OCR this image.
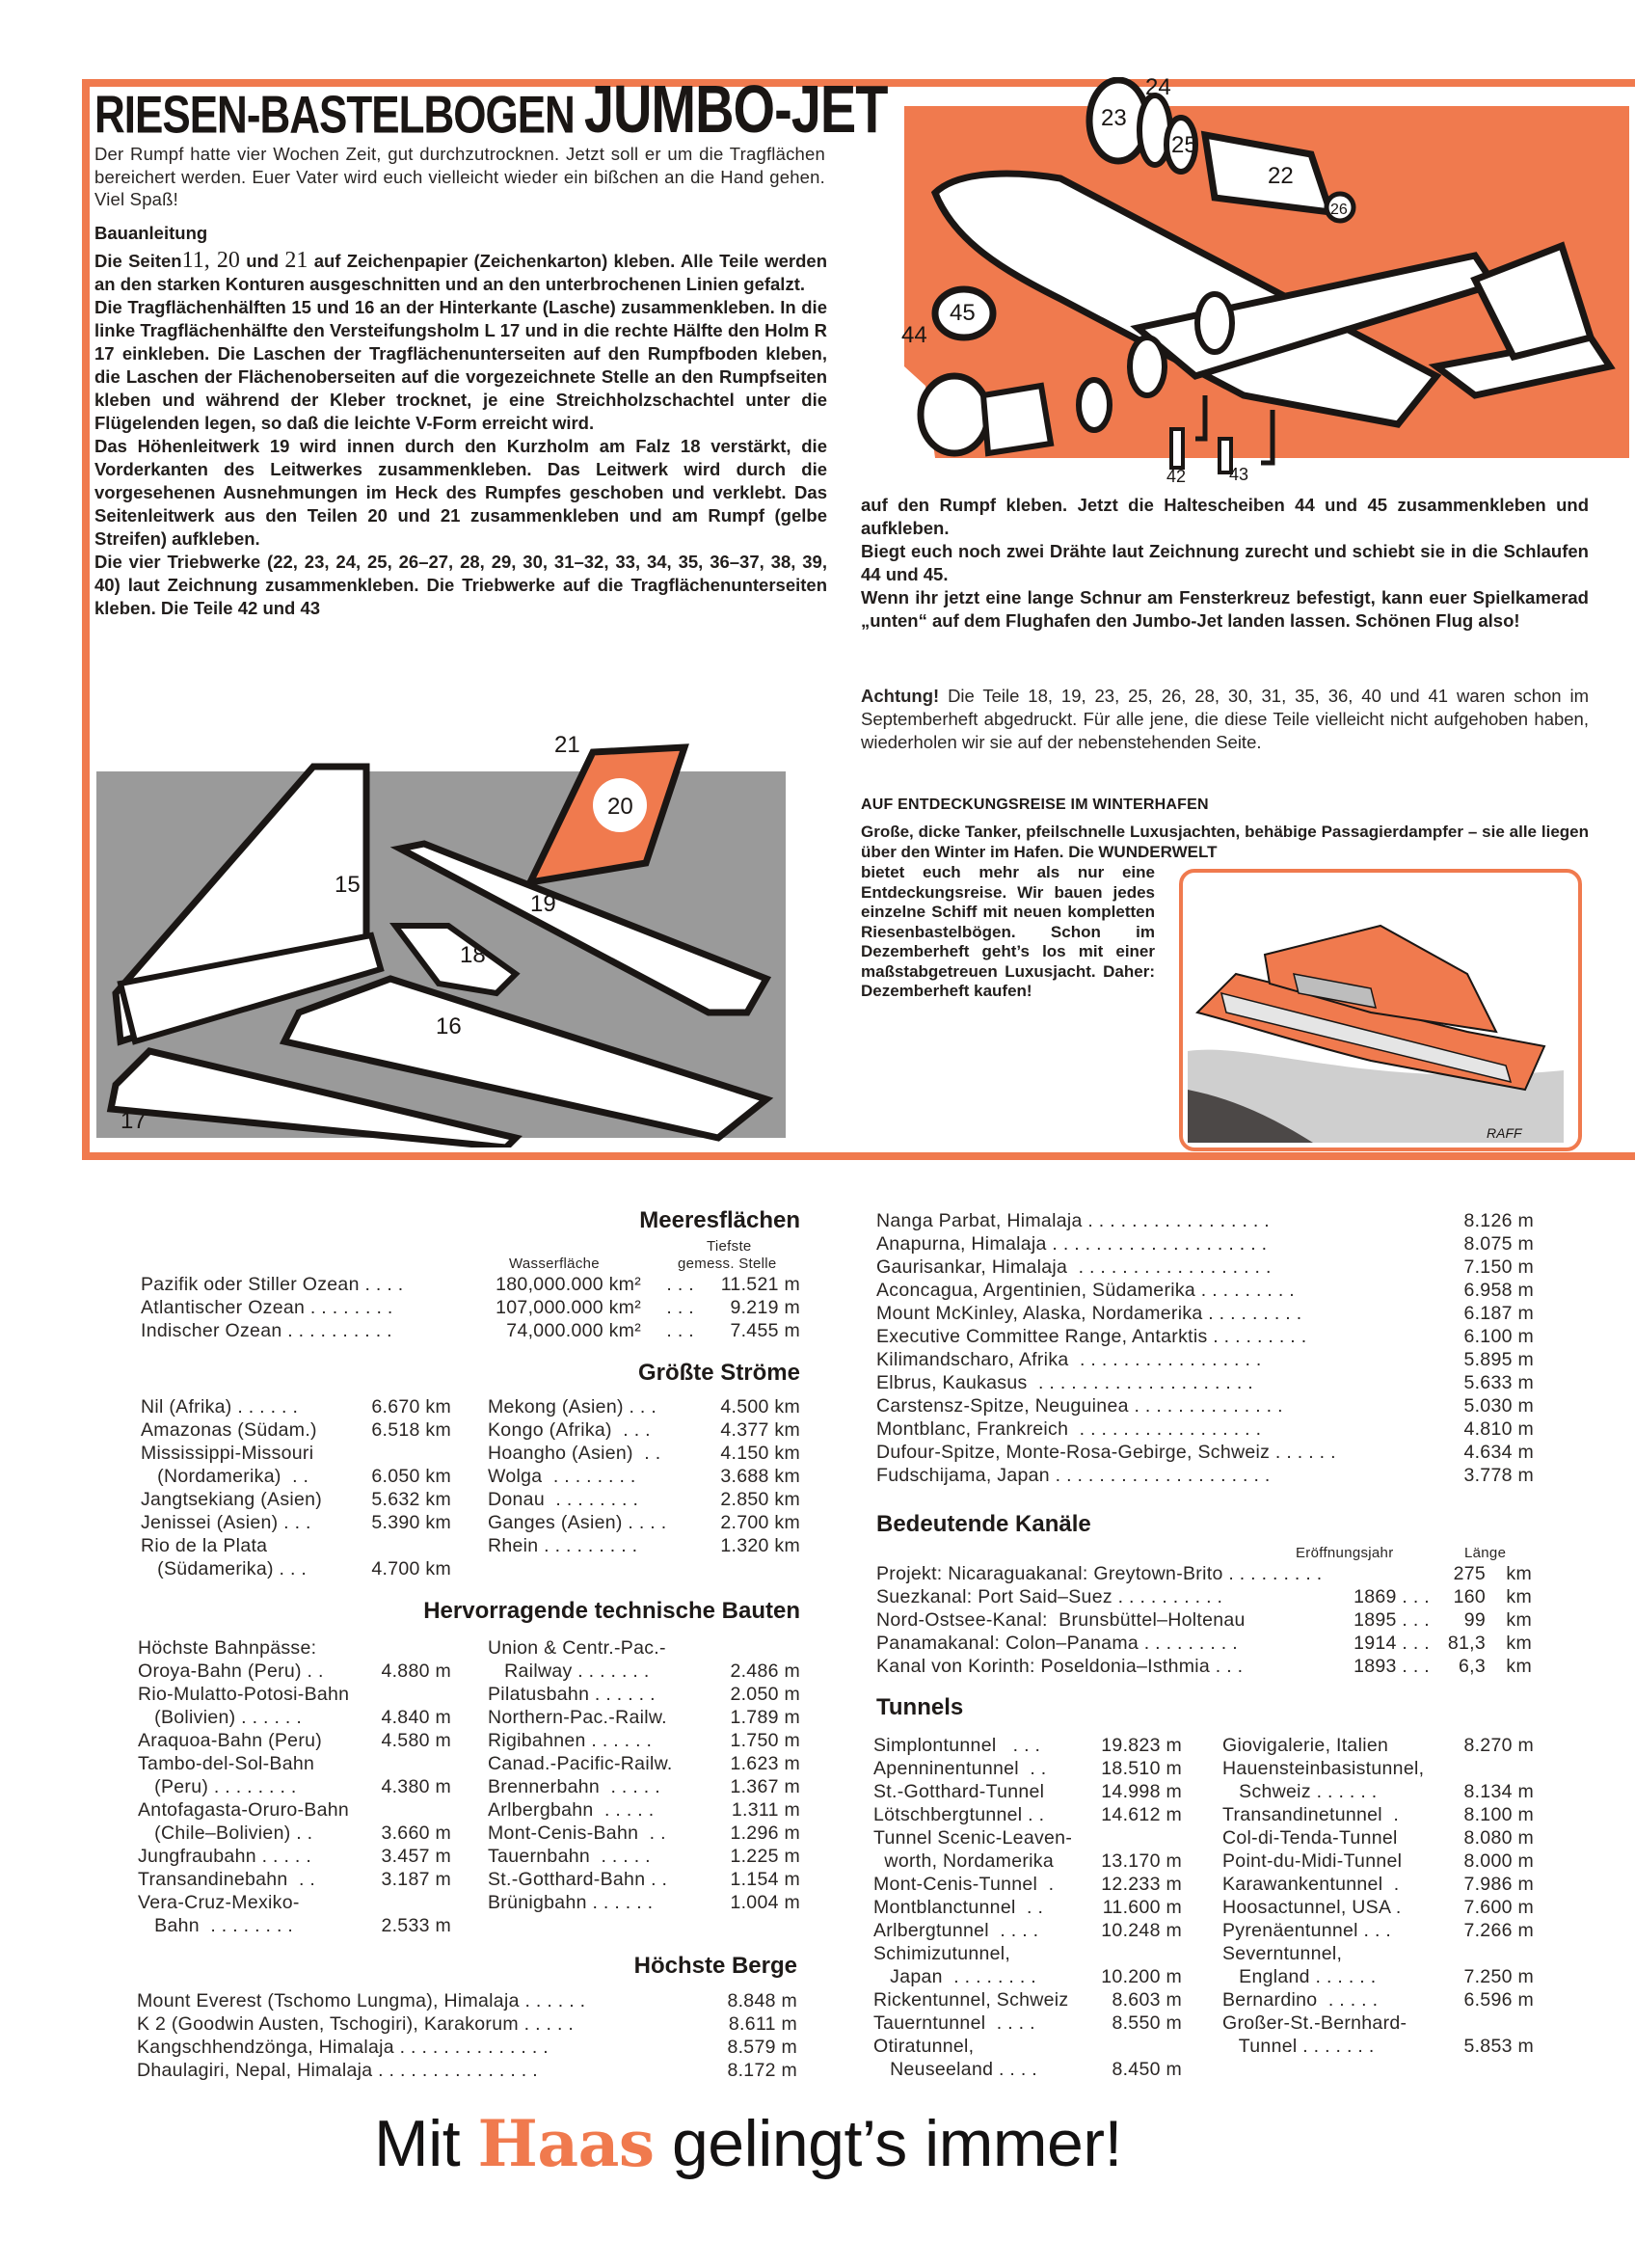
RIESEN-BASTELBOGEN JUMBO-JET
Der Rumpf hatte vier Wochen Zeit, gut durchzutrocknen. Jetzt soll er um die Tragflächen bereichert werden. Euer Vater wird euch vielleicht wieder ein bißchen an die Hand gehen. Viel Spaß!
Bauanleitung

Die Seiten11, 20 und 21 auf Zeichenpapier (Zeichenkarton) kleben. Alle Teile werden an den starken Konturen ausgeschnitten und an den unterbrochenen Linien gefalzt.

Die Tragflächenhälften 15 und 16 an der Hinterkante (Lasche) zusammenkleben. In die linke Tragflächenhälfte den Versteifungsholm L 17 und in die rechte Hälfte den Holm R 17 einkleben. Die Laschen der Tragflächenunterseiten auf den Rumpfboden kleben, die Laschen der Flächenoberseiten auf die vorgezeichnete Stelle an den Rumpfseiten kleben und während der Kleber trocknet, je eine Streichholzschachtel unter die Flügelenden legen, so daß die leichte V-Form erreicht wird.

Das Höhenleitwerk 19 wird innen durch den Kurzholm am Falz 18 verstärkt, die Vorderkanten des Leitwerkes zusammenkleben. Das Leitwerk wird durch die vorgesehenen Ausnehmungen im Heck des Rumpfes geschoben und verklebt. Das Seitenleitwerk aus den Teilen 20 und 21 zusammenkleben und am Rumpf (gelbe Streifen) aufkleben.

Die vier Triebwerke (22, 23, 24, 25, 26–27, 28, 29, 30, 31–32, 33, 34, 35, 36–37, 38, 39, 40) laut Zeichnung zusammenkleben. Die Triebwerke auf die Tragflächenunterseiten kleben. Die Teile 42 und 43

24
23
25
22
26
45
44
42 43
21
20
15
19
18
16
17

auf den Rumpf kleben. Jetzt die Haltescheiben 44 und 45 zusammenkleben und aufkleben.

Biegt euch noch zwei Drähte laut Zeichnung zurecht und schiebt sie in die Schlaufen 44 und 45.

Wenn ihr jetzt eine lange Schnur am Fensterkreuz befestigt, kann euer Spielkamerad „unten“ auf dem Flughafen den Jumbo-Jet landen lassen. Schönen Flug also!

Achtung! Die Teile 18, 19, 23, 25, 26, 28, 30, 31, 35, 36, 40 und 41 waren schon im Septemberheft abgedruckt. Für alle jene, die diese Teile vielleicht nicht aufgehoben haben, wiederholen wir sie auf der nebenstehenden Seite.
AUF ENTDECKUNGSREISE IM WINTERHAFEN
Große, dicke Tanker, pfeilschnelle Luxusjachten, behäbige Passagierdampfer – sie alle liegen über den Winter im Hafen. Die WUNDERWELT
bietet euch mehr als nur eine Entdeckungsreise. Wir bauen jedes einzelne Schiff mit neuen kompletten Riesenbastelbögen. Schon im Dezemberheft geht’s los mit einer maßstabgetreuen Luxusjacht. Daher: Dezemberheft kaufen!
RAFF
Meeresflächen
Wasserfläche
Tiefste
gemess. Stelle
Pazifik oder Stiller Ozean . . . .	180,000.000 km² . . . 11.521 m
Atlantischer Ozean . . . . . . . .	107,000.000 km² . . . 9.219 m
Indischer Ozean . . . . . . . . . .	74,000.000 km² . . . 7.455 m
Größte Ströme
Nil (Afrika) . . . . . .	6.670 km
Amazonas (Südam.)	6.518 km
Mississippi-Missouri
(Nordamerika)  . .	6.050 km
Jangtsekiang (Asien)	5.632 km
Jenissei (Asien) . . .	5.390 km
Rio de la Plata
(Südamerika) . . .	4.700 km
Mekong (Asien) . . .	4.500 km
Kongo (Afrika)  . . .	4.377 km
Hoangho (Asien)  . .	4.150 km
Wolga  . . . . . . . .	3.688 km
Donau  . . . . . . . .	2.850 km
Ganges (Asien) . . . .	2.700 km
Rhein . . . . . . . . .	1.320 km
Hervorragende technische Bauten
Höchste Bahnpässe:
Oroya-Bahn (Peru) . .	4.880 m
Rio-Mulatto-Potosi-Bahn
(Bolivien) . . . . . .	4.840 m
Araquoa-Bahn (Peru)	4.580 m
Tambo-del-Sol-Bahn
(Peru) . . . . . . . .	4.380 m
Antofagasta-Oruro-Bahn
(Chile–Bolivien) . .	3.660 m
Jungfraubahn . . . . .	3.457 m
Transandinebahn  . .	3.187 m
Vera-Cruz-Mexiko-
Bahn  . . . . . . . .	2.533 m
Union & Centr.-Pac.-
Railway . . . . . . .	2.486 m
Pilatusbahn . . . . . .	2.050 m
Northern-Pac.-Railw.	1.789 m
Rigibahnen . . . . . .	1.750 m
Canad.-Pacific-Railw.	1.623 m
Brennerbahn  . . . . .	1.367 m
Arlbergbahn  . . . . .	1.311 m
Mont-Cenis-Bahn  . .	1.296 m
Tauernbahn  . . . . .	1.225 m
St.-Gotthard-Bahn . .	1.154 m
Brünigbahn . . . . . .	1.004 m
Höchste Berge
Mount Everest (Tschomo Lungma), Himalaja . . . . . .	8.848 m
K 2 (Goodwin Austen, Tschogiri), Karakorum . . . . .	8.611 m
Kangschhendzönga, Himalaja . . . . . . . . . . . . . .	8.579 m
Dhaulagiri, Nepal, Himalaja . . . . . . . . . . . . . . .	8.172 m
Nanga Parbat, Himalaja . . . . . . . . . . . . . . . . .	8.126 m
Anapurna, Himalaja . . . . . . . . . . . . . . . . . . . .	8.075 m
Gaurisankar, Himalaja  . . . . . . . . . . . . . . . . . .	7.150 m
Aconcagua, Argentinien, Südamerika . . . . . . . . .	6.958 m
Mount McKinley, Alaska, Nordamerika . . . . . . . . .	6.187 m
Executive Committee Range, Antarktis . . . . . . . . .	6.100 m
Kilimandscharo, Afrika  . . . . . . . . . . . . . . . . .	5.895 m
Elbrus, Kaukasus  . . . . . . . . . . . . . . . . . . . .	5.633 m
Carstensz-Spitze, Neuguinea . . . . . . . . . . . . . .	5.030 m
Montblanc, Frankreich  . . . . . . . . . . . . . . . . .	4.810 m
Dufour-Spitze, Monte-Rosa-Gebirge, Schweiz . . . . . .	4.634 m
Fudschijama, Japan . . . . . . . . . . . . . . . . . . . .	3.778 m
Bedeutende Kanäle
Eröffnungsjahr	Länge
Projekt: Nicaraguakanal: Greytown-Brito . . . . . . . . .	275 km
Suezkanal: Port Said–Suez . . . . . . . . . .	1869 . . . 160 km
Nord-Ostsee-Kanal:  Brunsbüttel–Holtenau	1895 . . . 99 km
Panamakanal: Colon–Panama . . . . . . . . .	1914 . . . 81,3 km
Kanal von Korinth: Poseldonia–Isthmia . . .	1893 . . . 6,3 km
Tunnels
Simplontunnel   . . .	19.823 m
Apenninentunnel  . .	18.510 m
St.-Gotthard-Tunnel	14.998 m
Lötschbergtunnel . .	14.612 m
Tunnel Scenic-Leaven-
worth, Nordamerika	13.170 m
Mont-Cenis-Tunnel  .	12.233 m
Montblanctunnel  . .	11.600 m
Arlbergtunnel  . . . .	10.248 m
Schimizutunnel,
Japan  . . . . . . . .	10.200 m
Rickentunnel, Schweiz 8.603 m
Tauerntunnel  . . . .	8.550 m
Otiratunnel,
Neuseeland . . . .	8.450 m
Giovigalerie, Italien	8.270 m
Hauensteinbasistunnel,
Schweiz . . . . . .	8.134 m
Transandinetunnel  .	8.100 m
Col-di-Tenda-Tunnel	8.080 m
Point-du-Midi-Tunnel	8.000 m
Karawankentunnel  .	7.986 m
Hoosactunnel, USA .	7.600 m
Pyrenäentunnel . . .	7.266 m
Severntunnel,
England . . . . . .	7.250 m
Bernardino  . . . . .	6.596 m
Großer-St.-Bernhard-
Tunnel . . . . . . .	5.853 m
Mit Haas gelingt’s immer!
